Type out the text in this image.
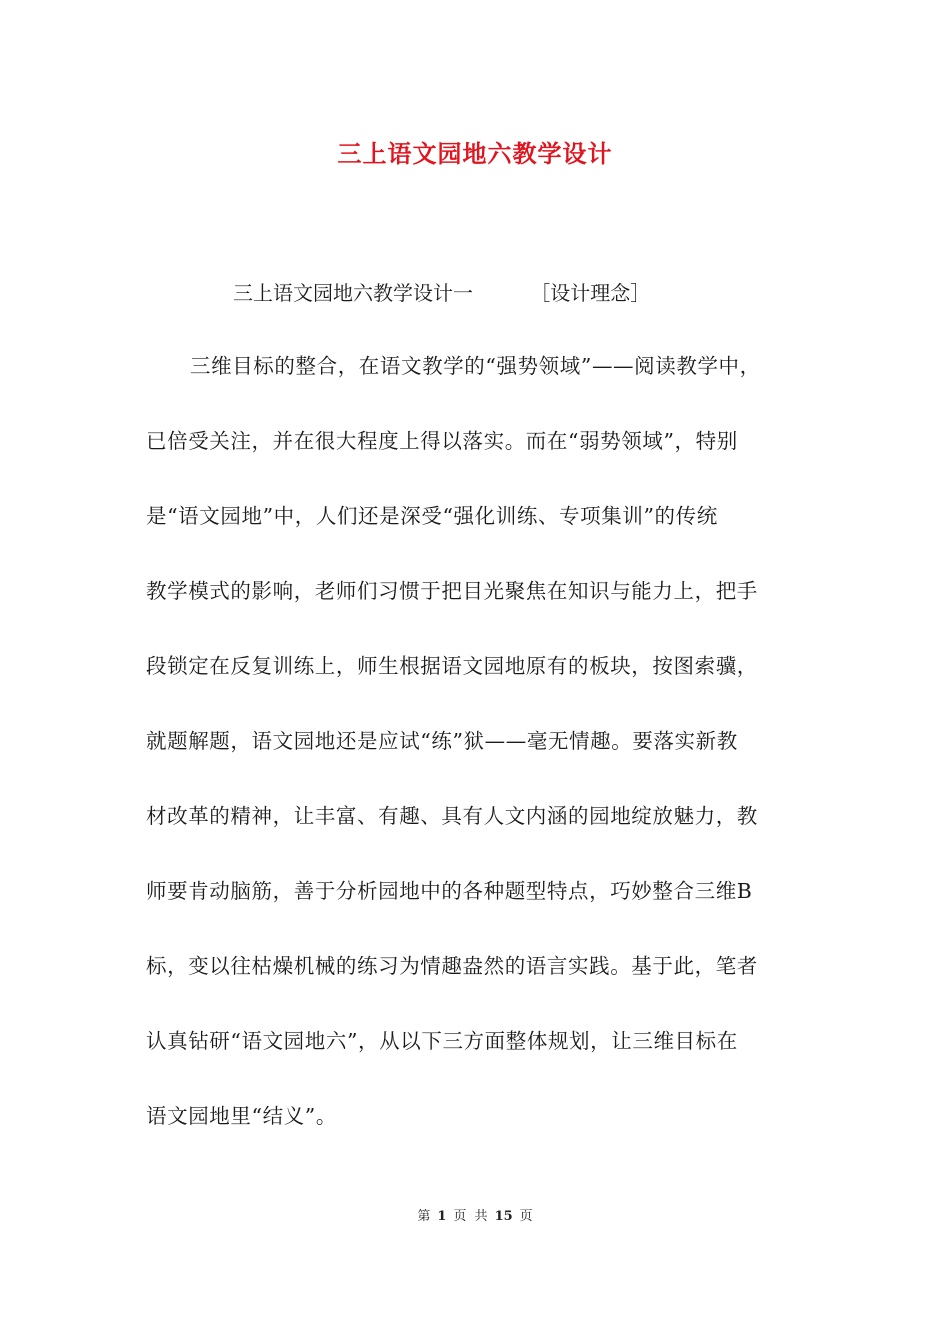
三上语文园地六教学设计
三上语文园地六教学设计一         ［设计理念］
三维目标的整合，在语文教学的“强势领域”——阅读教学中，
已倍受关注，并在很大程度上得以落实。而在“弱势领域”，特别
是“语文园地”中，人们还是深受“强化训练、专项集训”的传统
教学模式的影响，老师们习惯于把目光聚焦在知识与能力上，把手
段锁定在反复训练上，师生根据语文园地原有的板块，按图索骥，
就题解题，语文园地还是应试“练”狱——毫无情趣。要落实新教
材改革的精神，让丰富、有趣、具有人文内涵的园地绽放魅力，教
师要肯动脑筋，善于分析园地中的各种题型特点，巧妙整合三维B
标，变以往枯燥机械的练习为情趣盎然的语言实践。基于此，笔者
认真钻研“语文园地六”，从以下三方面整体规划，让三维目标在
语文园地里“结义”。
第 1 页 共 15 页
